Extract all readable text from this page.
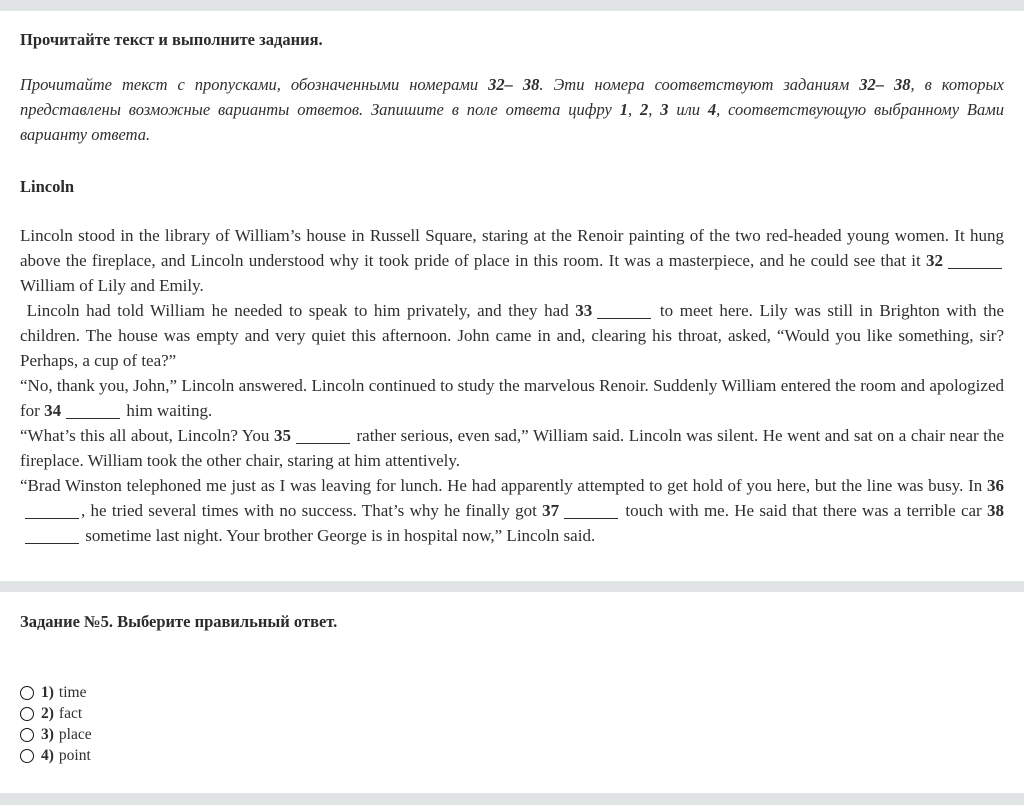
Прочитайте текст и выполните задания.

Прочитайте текст с пропусками, обозначенными номерами 32– 38. Эти номера соответствуют заданиям 32– 38, в которых представлены возможные варианты ответов. Запишите в поле ответа цифру 1, 2, 3 или 4, соответствующую выбранному Вами варианту ответа.

Lincoln

Lincoln stood in the library of William’s house in Russell Square, staring at the Renoir painting of the two red-headed young women. It hung above the fireplace, and Lincoln understood why it took pride of place in this room. It was a masterpiece, and he could see that it 32 William of Lily and Emily.

Lincoln had told William he needed to speak to him privately, and they had 33	to meet here. Lily was still in Brighton with the children. The house was empty and very quiet this afternoon. John came in and, clearing his throat, asked, “Would you like something, sir? Perhaps, a cup of tea?”

“No, thank you, John,” Lincoln answered. Lincoln continued to study the marvelous Renoir. Suddenly William entered the room and apologized for 34	him waiting.

“What’s this all about, Lincoln? You 35	rather serious, even sad,” William said. Lincoln was silent. He went and sat on a chair near the fireplace. William took the other chair, staring at him attentively.

“Brad Winston telephoned me just as I was leaving for lunch. He had apparently attempted to get hold of you here, but the line was busy. In 36, he tried several times with no success. That’s why he finally got 37	touch with me. He said that there was a terrible car 38 sometime last night. Your brother George is in hospital now,” Lincoln said.

Задание №5. Выберите правильный ответ.
1) time
2) fact
3) place
4) point
